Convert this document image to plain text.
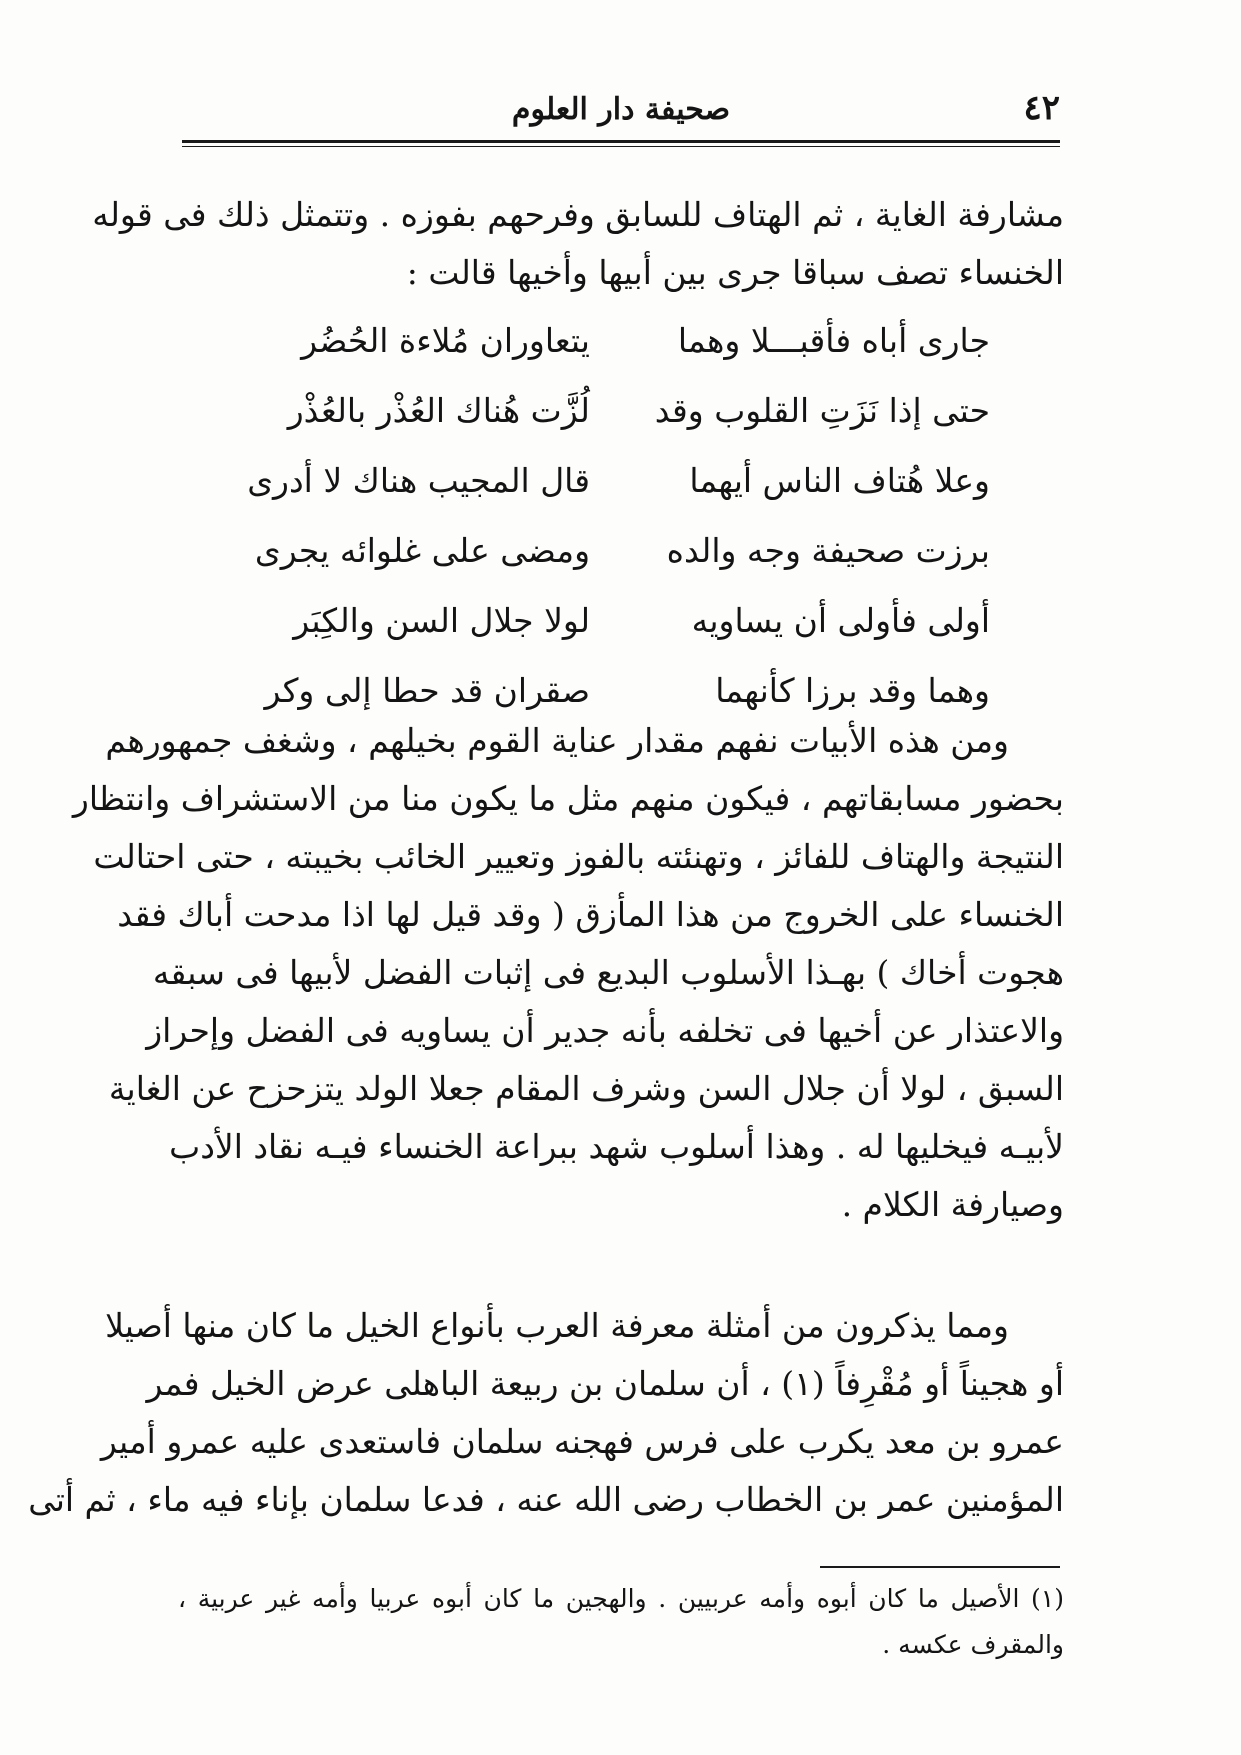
٤٢
صحيفة دار العلوم
مشارفة الغاية ، ثم الهتاف للسابق وفرحهم بفوزه . وتتمثل ذلك فى قوله
الخنساء تصف سباقا جرى بين أبيها وأخيها قالت :
جارى أباه فأقبـــلا وهما
يتعاوران مُلاءة الحُضُر
حتى إذا نَزَتِ القلوب وقد
لُزَّت هُناك العُذْر بالعُذْر
وعلا هُتاف الناس أيهما
قال المجيب هناك لا أدرى
برزت صحيفة وجه والده
ومضى على غلوائه يجرى
أولى فأولى أن يساويه
لولا جلال السن والكِبَر
وهما وقد برزا كأنهما
صقران قد حطا إلى وكر
ومن هذه الأبيات نفهم مقدار عناية القوم بخيلهم ، وشغف جمهورهم
بحضور مسابقاتهم ، فيكون منهم مثل ما يكون منا من الاستشراف وانتظار
النتيجة والهتاف للفائز ، وتهنئته بالفوز وتعيير الخائب بخيبته ، حتى احتالت
الخنساء على الخروج من هذا المأزق ( وقد قيل لها اذا مدحت أباك فقد
هجوت أخاك ) بهـذا الأسلوب البديع فى إثبات الفضل لأبيها فى سبقه
والاعتذار عن أخيها فى تخلفه بأنه جدير أن يساويه فى الفضل وإحراز
السبق ، لولا أن جلال السن وشرف المقام جعلا الولد يتزحزح عن الغاية
لأبيـه فيخليها له . وهذا أسلوب شهد ببراعة الخنساء فيـه نقاد الأدب
وصيارفة الكلام .
ومما يذكرون من أمثلة معرفة العرب بأنواع الخيل ما كان منها أصيلا
أو هجيناً أو مُقْرِفاً (١) ، أن سلمان بن ربيعة الباهلى عرض الخيل فمر
عمرو بن معد يكرب على فرس فهجنه سلمان فاستعدى عليه عمرو أمير
المؤمنين عمر بن الخطاب رضى الله عنه ، فدعا سلمان بإناء فيه ماء ، ثم أتى
(١) الأصيل ما كان أبوه وأمه عربيين . والهجين ما كان أبوه عربيا وأمه غير عربية ،
والمقرف عكسه .
